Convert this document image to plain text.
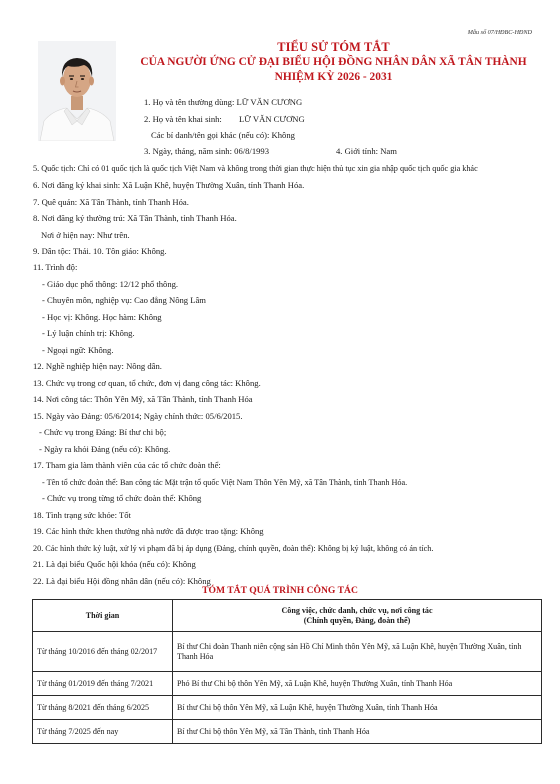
Mẫu số 07/HĐBC-HĐND
TIỂU SỬ TÓM TẮT
CỦA NGƯỜI ỨNG CỬ ĐẠI BIỂU HỘI ĐỒNG NHÂN DÂN XÃ TÂN THÀNH
NHIỆM KỲ 2026 - 2031
1. Họ và tên thường dùng: LỮ VĂN CƯƠNG
2. Họ và tên khai sinh:        LỮ VĂN CƯƠNG
Các bí danh/tên gọi khác (nếu có): Không
3. Ngày, tháng, năm sinh: 06/8/1993	4. Giới tính: Nam
5. Quốc tịch: Chỉ có 01 quốc tịch là quốc tịch Việt Nam và không trong thời gian thực hiện thủ tục xin gia nhập quốc tịch quốc gia khác
6. Nơi đăng ký khai sinh: Xã Luận Khê, huyện Thường Xuân, tỉnh Thanh Hóa.
7. Quê quán: Xã Tân Thành, tỉnh Thanh Hóa.
8. Nơi đăng ký thường trú: Xã Tân Thành, tỉnh Thanh Hóa.
Nơi ở hiện nay: Như trên.
9. Dân tộc: Thái. 10. Tôn giáo: Không.
11. Trình độ:
- Giáo dục phổ thông: 12/12 phổ thông.
- Chuyên môn, nghiệp vụ: Cao đẳng Nông Lâm
- Học vị: Không. Học hàm: Không
- Lý luận chính trị: Không.
- Ngoại ngữ: Không.
12. Nghề nghiệp hiện nay: Nông dân.
13. Chức vụ trong cơ quan, tổ chức, đơn vị đang công tác: Không.
14. Nơi công tác: Thôn Yên Mỹ, xã Tân Thành, tỉnh Thanh Hóa
15. Ngày vào Đảng: 05/6/2014; Ngày chính thức: 05/6/2015.
- Chức vụ trong Đảng: Bí thư chi bộ;
- Ngày ra khỏi Đảng (nếu có): Không.
17. Tham gia làm thành viên của các tổ chức đoàn thể:
- Tên tổ chức đoàn thể: Ban công tác Mặt trận tổ quốc Việt Nam Thôn Yên Mỹ, xã Tân Thành, tỉnh Thanh Hóa.
- Chức vụ trong từng tổ chức đoàn thể: Không
18. Tình trạng sức khỏe: Tốt
19. Các hình thức khen thưởng nhà nước đã được trao tặng: Không
20. Các hình thức kỷ luật, xử lý vi phạm đã bị áp dụng (Đảng, chính quyền, đoàn thể): Không bị kỷ luật, không có án tích.
21. Là đại biểu Quốc hội khóa (nếu có): Không
22. Là đại biểu Hội đồng nhân dân (nếu có): Không
TÓM TẮT QUÁ TRÌNH CÔNG TÁC
Thời gian	Công việc, chức danh, chức vụ, nơi công tác
(Chính quyền, Đảng, đoàn thể)

Từ tháng 10/2016 đến tháng 02/2017	Bí thư Chi đoàn Thanh niên cộng sản Hồ Chí Minh thôn Yên Mỹ, xã Luận Khê, huyện Thường Xuân, tỉnh Thanh Hóa
Từ tháng 01/2019 đến tháng 7/2021	Phó Bí thư Chi bộ thôn Yên Mỹ, xã Luận Khê, huyện Thường Xuân, tỉnh Thanh Hóa
Từ tháng 8/2021 đến tháng 6/2025	Bí thư Chi bộ thôn Yên Mỹ, xã Luận Khê, huyện Thường Xuân, tỉnh Thanh Hóa
Từ tháng 7/2025 đến nay	Bí thư Chi bộ thôn Yên Mỹ, xã Tân Thành, tỉnh Thanh Hóa
